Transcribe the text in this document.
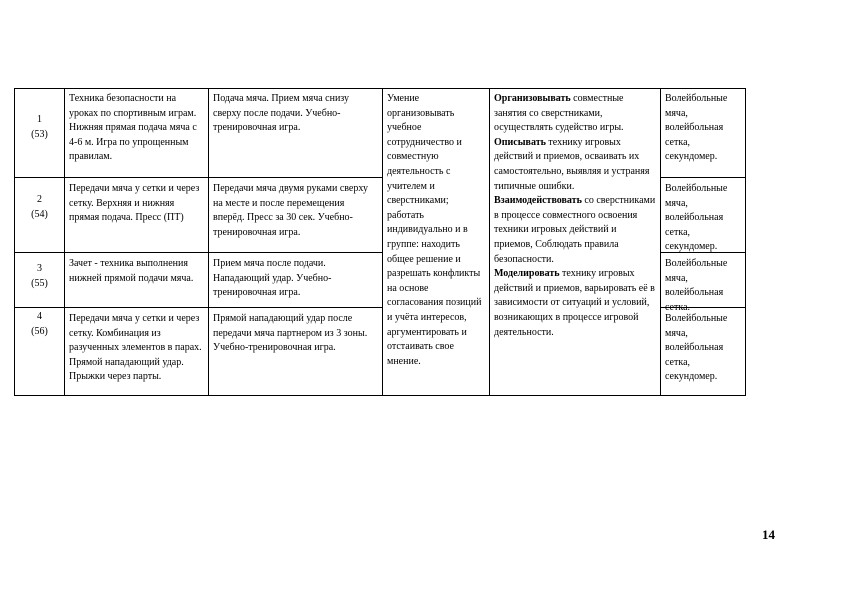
1
(53)
Техника безопасности на уроках по спортивным играм. Нижняя прямая подача мяча с 4-6 м. Игра по упрощенным правилам.
Подача мяча. Прием мяча снизу сверху после подачи. Учебно-тренировочная игра.
Волейбольные мяча, волейбольная сетка, секундомер.
2
(54)
Передачи мяча у сетки и через сетку. Верхняя и нижняя прямая подача. Пресс (ПТ)
Передачи мяча двумя руками сверху на месте и после перемещения вперёд. Пресс за 30 сек. Учебно-тренировочная игра.
Волейбольные мяча, волейбольная сетка, секундомер.
3
(55)
Зачет - техника выполнения нижней прямой подачи мяча.
Прием мяча после подачи. Нападающий удар. Учебно-тренировочная игра.
Волейбольные мяча, волейбольная сетка.
4
(56)
Передачи мяча у сетки и через сетку. Комбинация из разученных элементов в парах. Прямой нападающий удар. Прыжки через парты.
Прямой нападающий удар после передачи мяча партнером из 3 зоны. Учебно-тренировочная игра.
Волейбольные мяча, волейбольная сетка, секундомер.
Умение организовывать учебное сотрудничество и совместную деятельность с учителем и сверстниками; работать индивидуально и в группе: находить общее решение и разрешать конфликты на основе согласования позиций и учёта интересов, аргументировать и отстаивать свое мнение.
Организовывать совместные занятия со сверстниками, осуществлять судейство игры.
Описывать технику игровых действий и приемов, осваивать их самостоятельно, выявляя и устраняя типичные ошибки.
Взаимодействовать со сверстниками в процессе совместного освоения техники игровых действий и приемов, Соблюдать правила безопасности.
Моделировать технику игровых действий и приемов, варьировать её в зависимости от ситуаций и условий, возникающих в процессе игровой деятельности.
14
